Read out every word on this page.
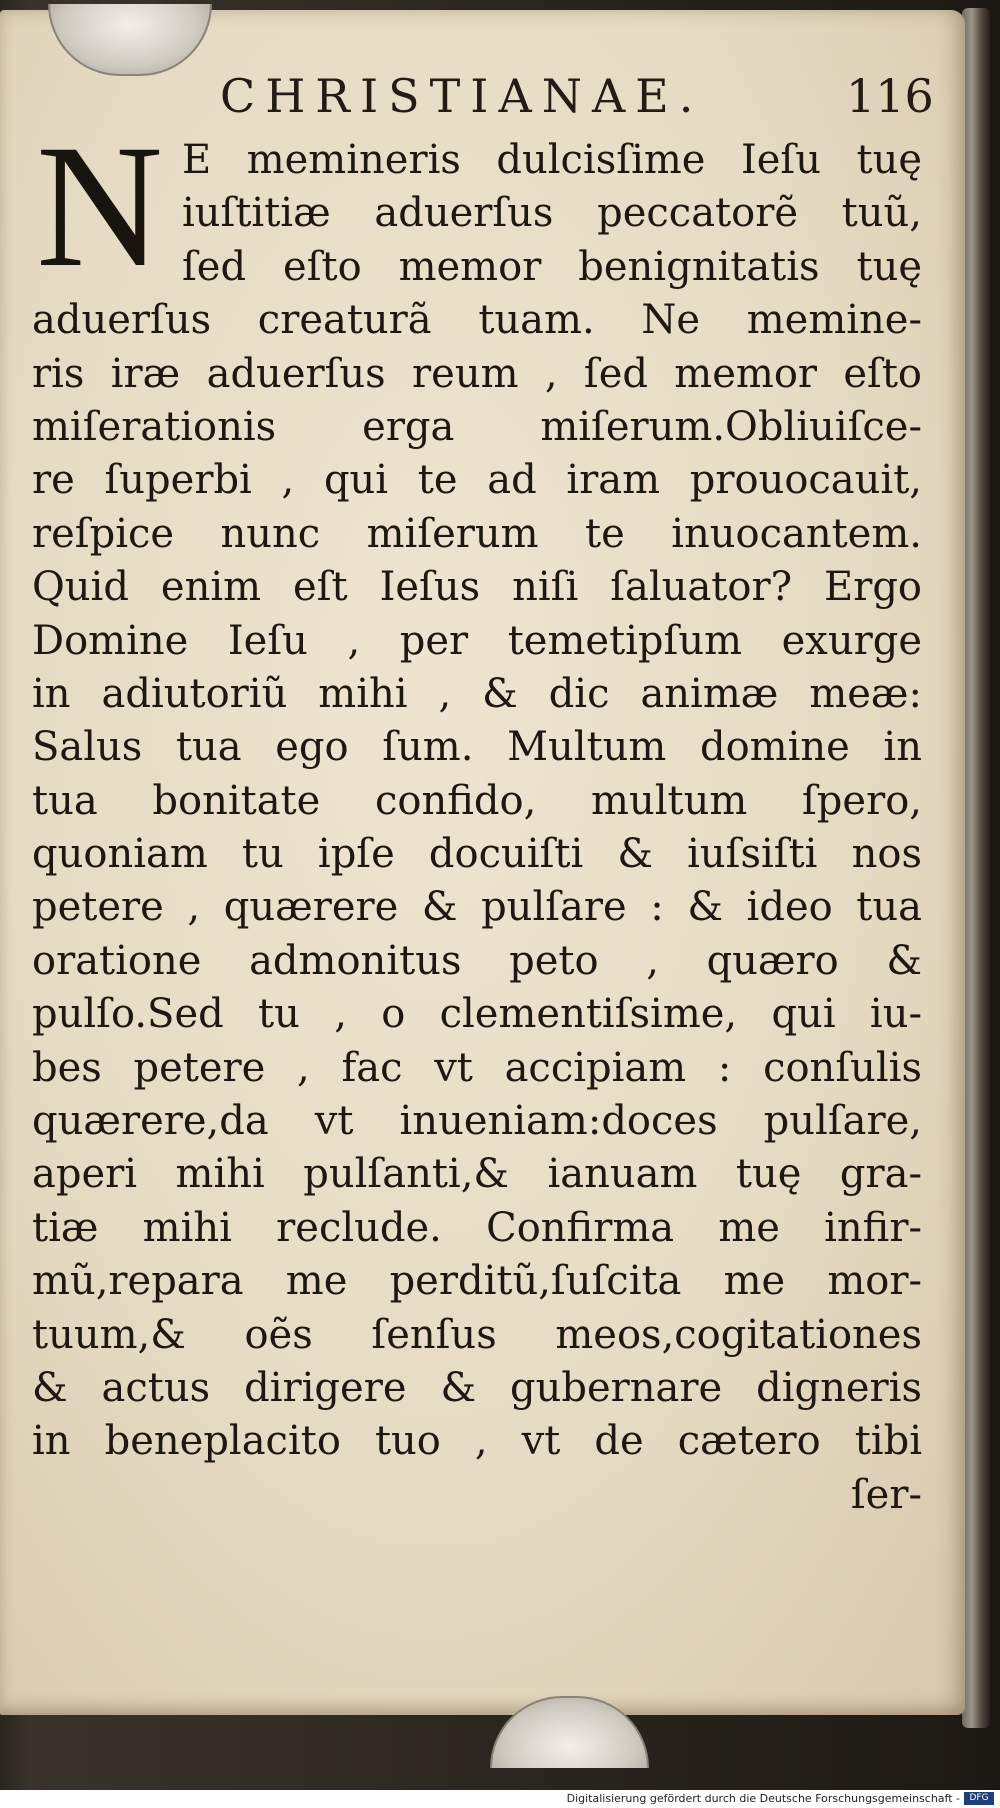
CHRISTIANAE.	116
N E memineris dulcisſime Ieſu tuę
iuſtitiæ aduerſus peccatorẽ tuũ,
ſed eſto memor benignitatis tuę
aduerſus creaturã tuam. Ne memine-
ris iræ aduerſus reum , ſed memor eſto
miſerationis erga miſerum.Obliuiſce-
re ſuperbi , qui te ad iram prouocauit,
reſpice nunc miſerum te inuocantem.
Quid enim eſt Ieſus niſi ſaluator? Ergo
Domine Ieſu , per temetipſum exurge
in adiutoriũ mihi , & dic animæ meæ:
Salus tua ego ſum. Multum domine in
tua bonitate confido, multum ſpero,
quoniam tu ipſe docuiſti & iuſsiſti nos
petere , quærere & pulſare : & ideo tua
oratione admonitus peto , quæro &
pulſo.Sed tu , o clementiſsime, qui iu-
bes petere , fac vt accipiam : conſulis
quærere,da vt inueniam:doces pulſare,
aperi mihi pulſanti,& ianuam tuę gra-
tiæ mihi reclude. Confirma me infir-
mũ,repara me perditũ,ſuſcita me mor-
tuum,& oẽs ſenſus meos,cogitationes
& actus dirigere & gubernare digneris
in beneplacito tuo , vt de cætero tibi
ſer-
Digitalisierung gefördert durch die Deutsche Forschungsgemeinschaft -	DFG
